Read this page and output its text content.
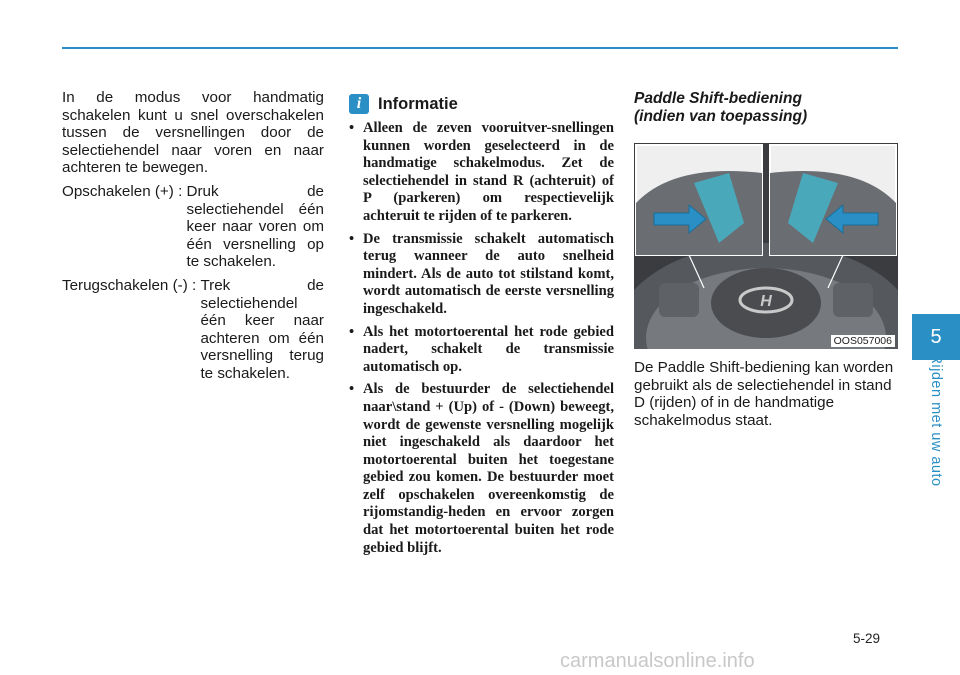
In de modus voor handmatig schakelen kunt u snel overschakelen tussen de versnellingen door de selectiehendel naar voren en naar achteren te bewegen.

Opschakelen (+) : Druk de selectiehendel één keer naar voren om één versnelling op te schakelen.
Terugschakelen (-) : Trek de selectiehendel één keer naar achteren om één versnelling terug te schakelen.
i	Informatie
• Alleen de zeven vooruitver-snellingen kunnen worden geselecteerd in de handmatige schakelmodus. Zet de selectiehendel in stand R (achteruit) of P (parkeren) om respectievelijk achteruit te rijden of te parkeren.
• De transmissie schakelt automatisch terug wanneer de auto snelheid mindert. Als de auto tot stilstand komt, wordt automatisch de eerste versnelling ingeschakeld.
• Als het motortoerental het rode gebied nadert, schakelt de transmissie automatisch op.
• Als de bestuurder de selectiehendel naar\stand + (Up) of - (Down) beweegt, wordt de gewenste versnelling mogelijk niet ingeschakeld als daardoor het motortoerental buiten het toegestane gebied zou komen. De bestuurder moet zelf opschakelen overeenkomstig de rijomstandig-heden en ervoor zorgen dat het motortoerental buiten het rode gebied blijft.
Paddle Shift-bediening
(indien van toepassing)
H
OOS057006

De Paddle Shift-bediening kan worden gebruikt als de selectiehendel in stand D (rijden) of in de handmatige schakelmodus staat.

5
Rijden met uw auto
5-29
carmanualsonline.info
